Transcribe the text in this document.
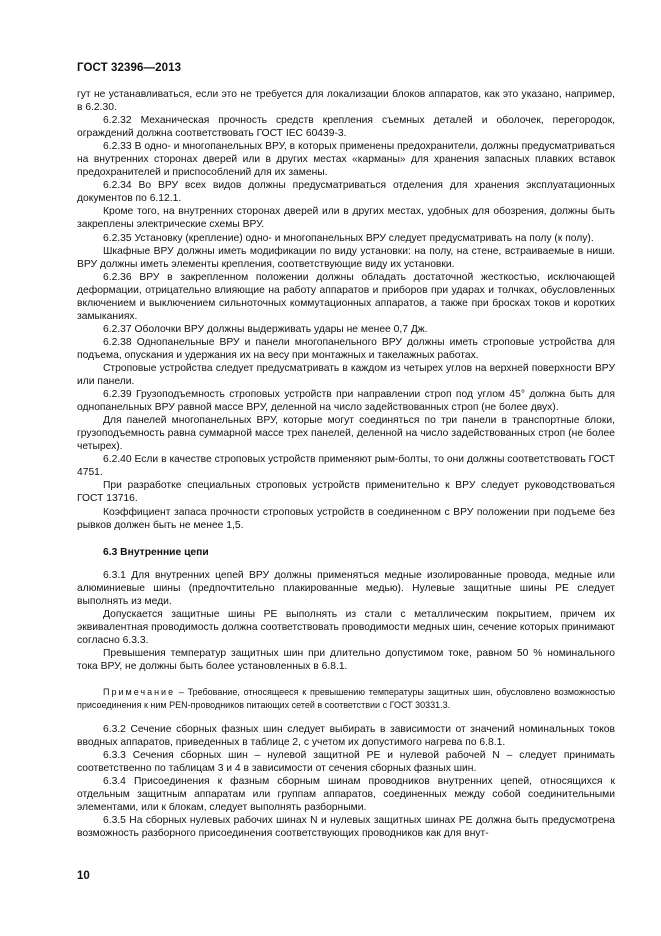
ГОСТ 32396—2013

гут не устанавливаться, если это не требуется для локализации блоков аппаратов, как это указано, например, в 6.2.30.

6.2.32 Механическая прочность средств крепления съемных деталей и оболочек, перегородок, ограждений должна соответствовать ГОСТ IEC 60439-3.

6.2.33 В одно- и многопанельных ВРУ, в которых применены предохранители, должны предусматриваться на внутренних сторонах дверей или в других местах «карманы» для хранения запасных плавких вставок предохранителей и приспособлений для их замены.

6.2.34 Во ВРУ всех видов должны предусматриваться отделения для хранения эксплуатационных документов по 6.12.1.

Кроме того, на внутренних сторонах дверей или в других местах, удобных для обозрения, должны быть закреплены электрические схемы ВРУ.

6.2.35 Установку (крепление) одно- и многопанельных ВРУ следует предусматривать на полу (к полу).

Шкафные ВРУ должны иметь модификации по виду установки: на полу, на стене, встраиваемые в ниши. ВРУ должны иметь элементы крепления, соответствующие виду их установки.

6.2.36 ВРУ в закрепленном положении должны обладать достаточной жесткостью, исключающей деформации, отрицательно влияющие на работу аппаратов и приборов при ударах и толчках, обусловленных включением и выключением сильноточных коммутационных аппаратов, а также при бросках токов и коротких замыканиях.

6.2.37 Оболочки ВРУ должны выдерживать удары не менее 0,7 Дж.

6.2.38 Однопанельные ВРУ и панели многопанельного ВРУ должны иметь строповые устройства для подъема, опускания и удержания их на весу при монтажных и такелажных работах.

Строповые устройства следует предусматривать в каждом из четырех углов на верхней поверхности ВРУ или панели.

6.2.39 Грузоподъемность строповых устройств при направлении строп под углом 45° должна быть для однопанельных ВРУ равной массе ВРУ, деленной на число задействованных строп (не более двух).

Для панелей многопанельных ВРУ, которые могут соединяться по три панели в транспортные блоки, грузоподъемность равна суммарной массе трех панелей, деленной на число задействованных строп (не более четырех).

6.2.40 Если в качестве строповых устройств применяют рым-болты, то они должны соответствовать ГОСТ 4751.

При разработке специальных строповых устройств применительно к ВРУ следует руководствоваться ГОСТ 13716.

Коэффициент запаса прочности строповых устройств в соединенном с ВРУ положении при подъеме без рывков должен быть не менее 1,5.

6.3 Внутренние цепи

6.3.1 Для внутренних цепей ВРУ должны применяться медные изолированные провода, медные или алюминиевые шины (предпочтительно плакированные медью). Нулевые защитные шины PE следует выполнять из меди.

Допускается защитные шины PE выполнять из стали с металлическим покрытием, причем их эквивалентная проводимость должна соответствовать проводимости медных шин, сечение которых принимают согласно 6.3.3.

Превышения температур защитных шин при длительно допустимом токе, равном 50 % номинального тока ВРУ, не должны быть более установленных в 6.8.1.

Примечание – Требование, относящееся к превышению температуры защитных шин, обусловлено возможностью присоединения к ним PEN-проводников питающих сетей в соответствии с ГОСТ 30331.3.

6.3.2 Сечение сборных фазных шин следует выбирать в зависимости от значений номинальных токов вводных аппаратов, приведенных в таблице 2, с учетом их допустимого нагрева по 6.8.1.

6.3.3 Сечения сборных шин – нулевой защитной PE и нулевой рабочей N – следует принимать соответственно по таблицам 3 и 4 в зависимости от сечения сборных фазных шин.

6.3.4 Присоединения к фазным сборным шинам проводников внутренних цепей, относящихся к отдельным защитным аппаратам или группам аппаратов, соединенных между собой соединительными элементами, или к блокам, следует выполнять разборными.

6.3.5 На сборных нулевых рабочих шинах N и нулевых защитных шинах PE должна быть предусмотрена возможность разборного присоединения соответствующих проводников как для внут-

10
